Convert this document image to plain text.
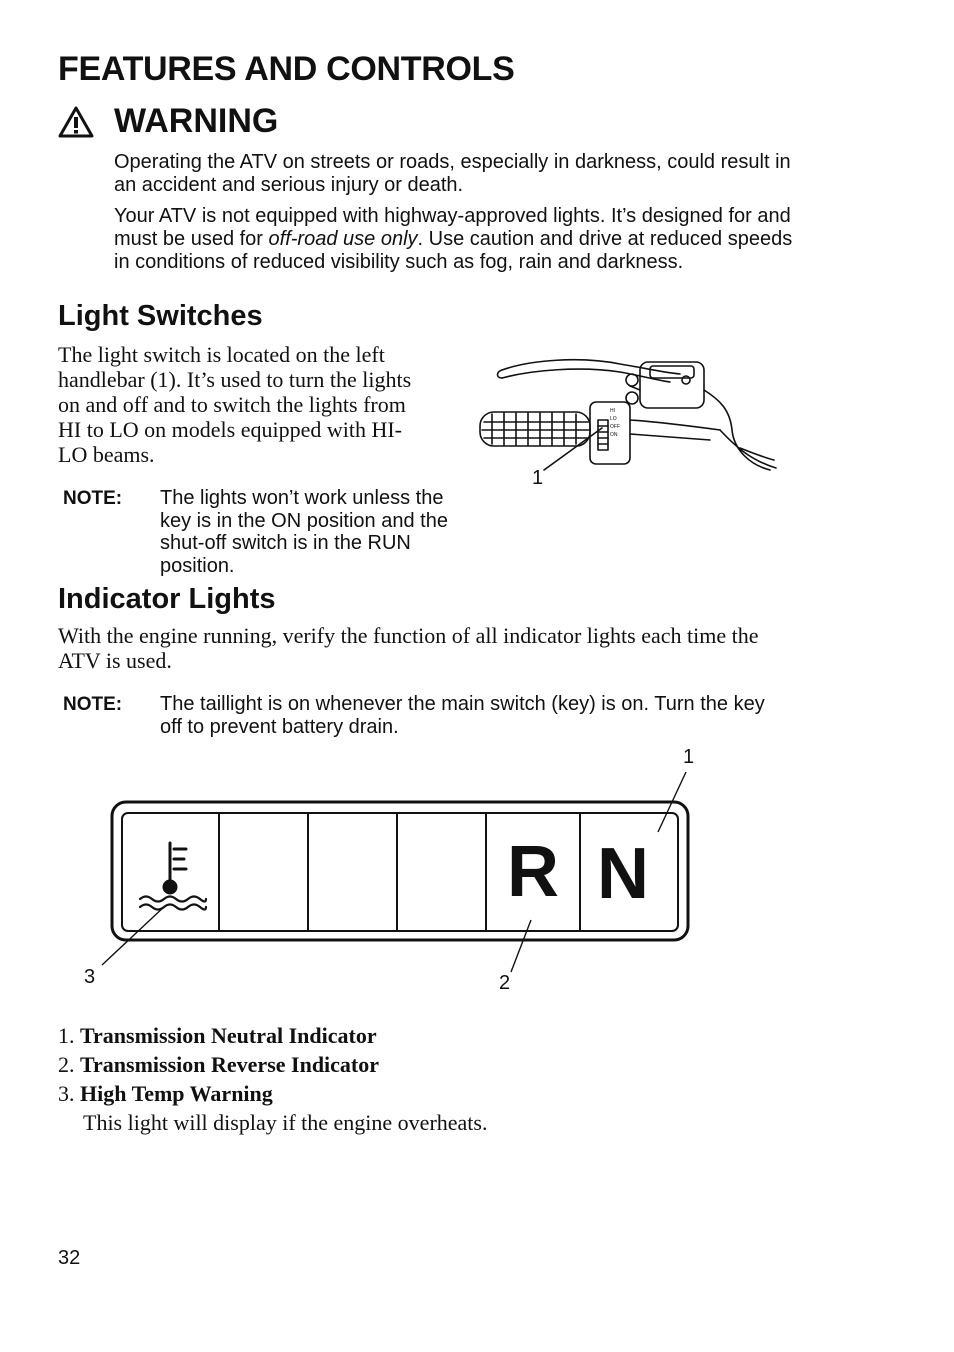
FEATURES AND CONTROLS
WARNING
Operating the ATV on streets or roads, especially in darkness, could result in an accident and serious injury or death.
Your ATV is not equipped with highway-approved lights. It’s designed for and must be used for off-road use only. Use caution and drive at reduced speeds in conditions of reduced visibility such as fog, rain and darkness.
Light Switches
The light switch is located on the left handlebar (1). It’s used to turn the lights on and off and to switch the lights from HI to LO on models equipped with HI-LO beams.
HI
LO
OFF
ON
1
NOTE: The lights won’t work unless the key is in the ON position and the shut-off switch is in the RUN position.
Indicator Lights
With the engine running, verify the function of all indicator lights each time the ATV is used.
NOTE: The taillight is on whenever the main switch (key) is on. Turn the key off to prevent battery drain.
R N
1
3	2
1. Transmission Neutral Indicator
2. Transmission Reverse Indicator
3. High Temp Warning
This light will display if the engine overheats.
32
